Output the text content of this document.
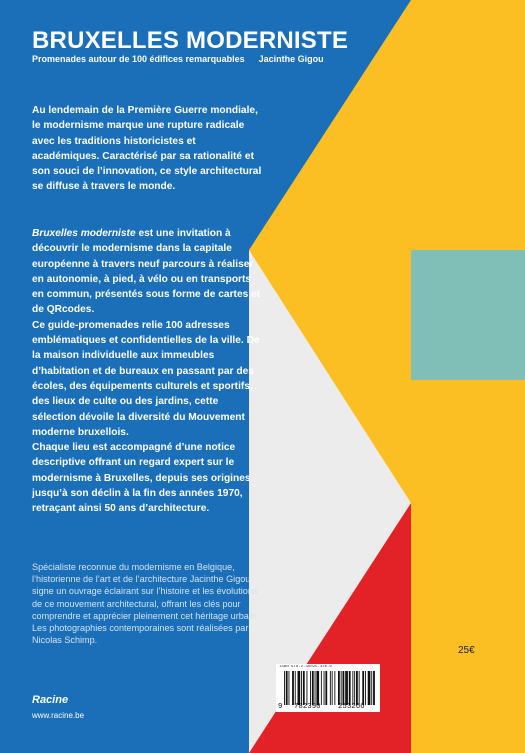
BRUXELLES MODERNISTE
Promenades autour de 100 édifices remarquables Jacinthe Gigou

Au lendemain de la Première Guerre mondiale, le modernisme marque une rupture radicale avec les traditions historicistes et académiques. Caractérisé par sa rationalité et son souci de l’innovation, ce style architectural se diffuse à travers le monde.

Bruxelles moderniste est une invitation à découvrir le modernisme dans la capitale européenne à travers neuf parcours à réaliser en autonomie, à pied, à vélo ou en transports en commun, présentés sous forme de cartes et de QRcodes.

Ce guide-promenades relie 100 adresses emblématiques et confidentielles de la ville. De la maison individuelle aux immeubles d’habitation et de bureaux en passant par des écoles, des équipements culturels et sportifs, des lieux de culte ou des jardins, cette sélection dévoile la diversité du Mouvement moderne bruxellois.

Chaque lieu est accompagné d’une notice descriptive offrant un regard expert sur le modernisme à Bruxelles, depuis ses origines jusqu’à son déclin à la fin des années 1970, retraçant ainsi 50 ans d’architecture.

Spécialiste reconnue du modernisme en Belgique, l’historienne de l’art et de l’architecture Jacinthe Gigou signe un ouvrage éclairant sur l’histoire et les évolutions de ce mouvement architectural, offrant les clés pour comprendre et apprécier pleinement cet héritage urbain.

Les photographies contemporaines sont réalisées par Nicolas Schimp.

25€
ISBN 978-2-39025-326-6
9 782390 253266
Racine
www.racine.be
